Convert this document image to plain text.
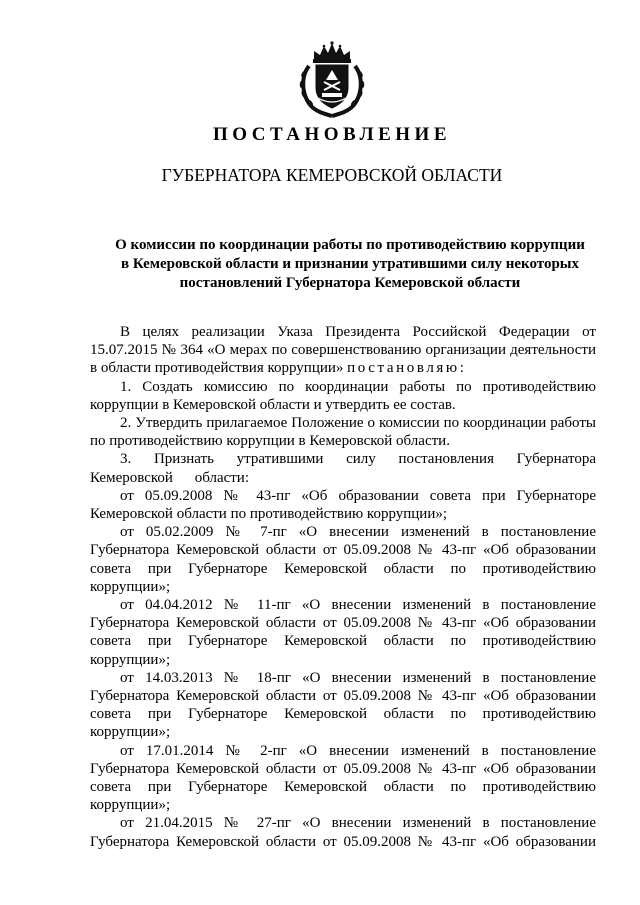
ПОСТАНОВЛЕНИЕ
ГУБЕРНАТОРА КЕМЕРОВСКОЙ ОБЛАСТИ
О комиссии по координации работы по противодействию коррупции
в Кемеровской области и признании утратившими силу некоторых
постановлений Губернатора Кемеровской области

В целях реализации Указа Президента Российской Федерации от 15.07.2015 № 364 «О мерах по совершенствованию организации деятельности в области противодействия коррупции» постановляю:

1. Создать комиссию по координации работы по противодействию коррупции в Кемеровской области и утвердить ее состав.

2. Утвердить прилагаемое Положение о комиссии по координации работы по противодействию коррупции в Кемеровской области.

3. Признать утратившими силу постановления Губернатора Кемеровской области:

от 05.09.2008 № 43-пг «Об образовании совета при Губернаторе Кемеровской области по противодействию коррупции»;

от 05.02.2009 № 7-пг «О внесении изменений в постановление Губернатора Кемеровской области от 05.09.2008 № 43-пг «Об образовании совета при Губернаторе Кемеровской области по противодействию коррупции»;

от 04.04.2012 № 11-пг «О внесении изменений в постановление Губернатора Кемеровской области от 05.09.2008 № 43-пг «Об образовании совета при Губернаторе Кемеровской области по противодействию коррупции»;

от 14.03.2013 № 18-пг «О внесении изменений в постановление Губернатора Кемеровской области от 05.09.2008 № 43-пг «Об образовании совета при Губернаторе Кемеровской области по противодействию коррупции»;

от 17.01.2014 № 2-пг «О внесении изменений в постановление Губернатора Кемеровской области от 05.09.2008 № 43-пг «Об образовании совета при Губернаторе Кемеровской области по противодействию коррупции»;

от 21.04.2015 № 27-пг «О внесении изменений в постановление Губернатора Кемеровской области от 05.09.2008 № 43-пг «Об образовании
